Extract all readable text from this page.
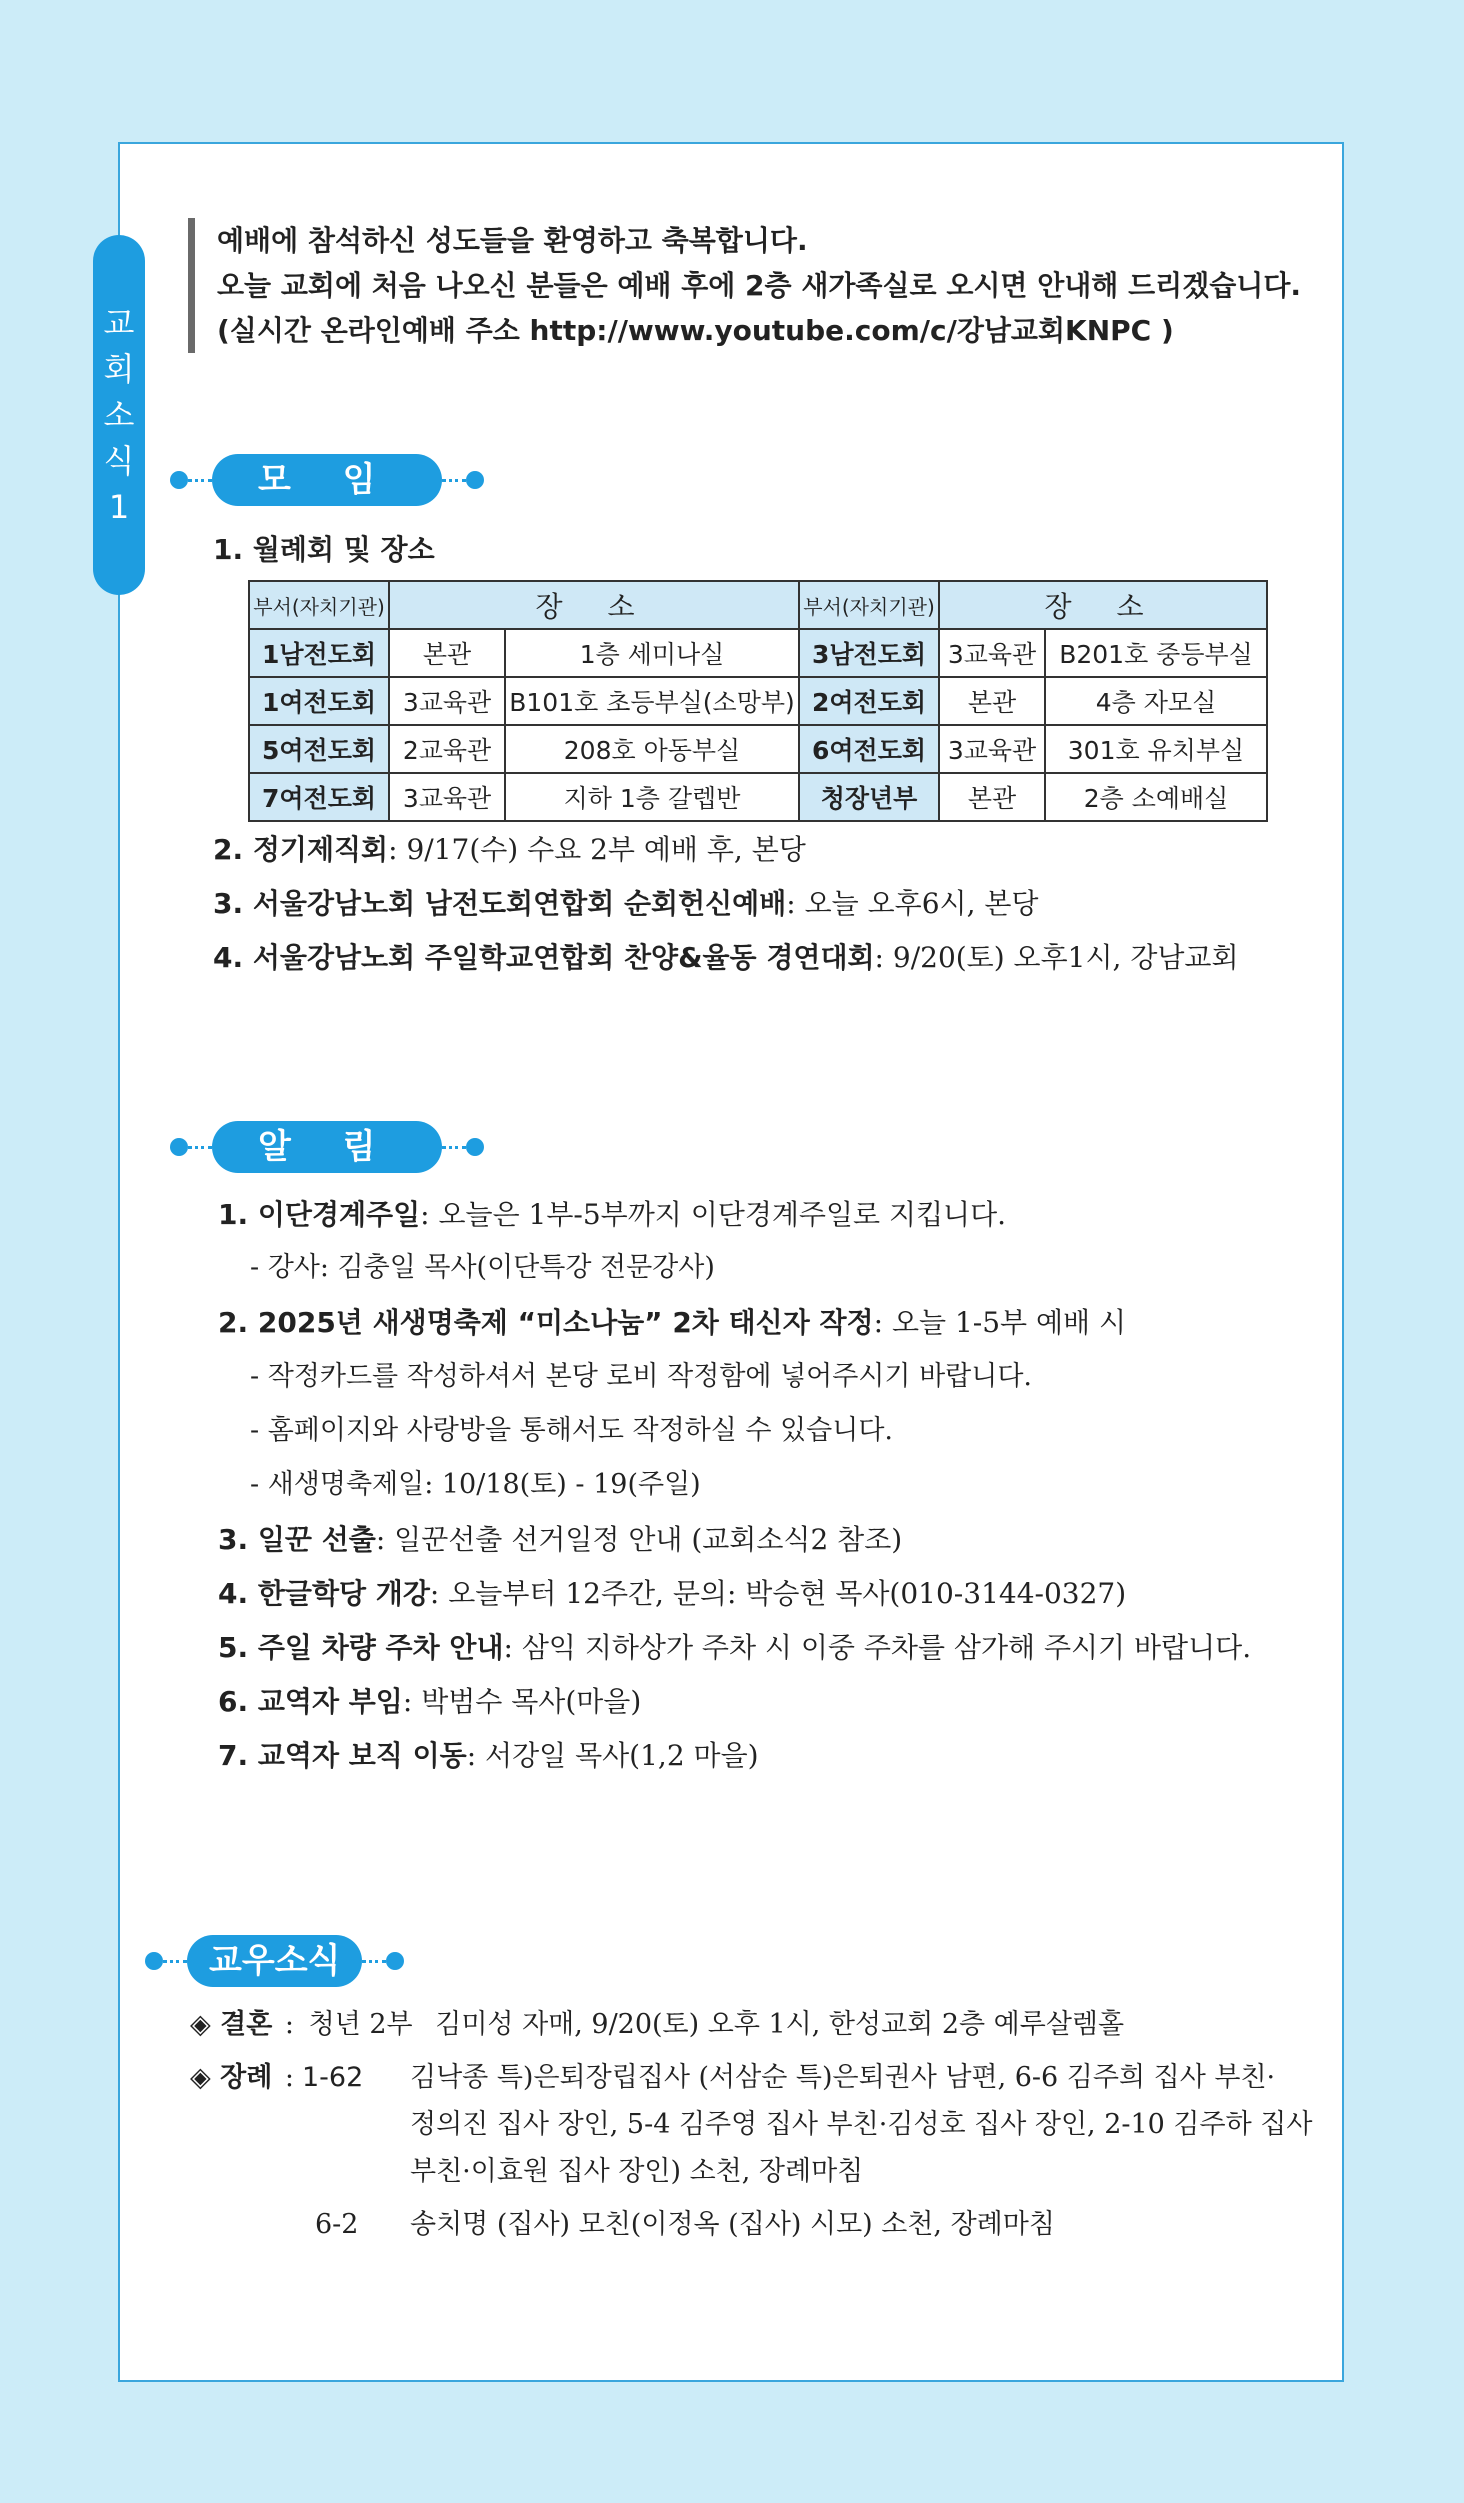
교
회
소
식
1
예배에 참석하신 성도들을 환영하고 축복합니다.
오늘 교회에 처음 나오신 분들은 예배 후에 2층 새가족실로 오시면 안내해 드리겠습니다.
(실시간 온라인예배 주소 http://www.youtube.com/c/강남교회KNPC )
모 임
1. 월례회 및 장소
부서(자치기관)	장 소		부서(자치기관)	장 소	
1남전도회	본관	1층 세미나실	3남전도회	3교육관	B201호 중등부실
1여전도회	3교육관	B101호 초등부실(소망부)	2여전도회	본관	4층 자모실
5여전도회	2교육관	208호 아동부실	6여전도회	3교육관	301호 유치부실
7여전도회	3교육관	지하 1층 갈렙반	청장년부	본관	2층 소예배실
2. 정기제직회: 9/17(수) 수요 2부 예배 후, 본당
3. 서울강남노회 남전도회연합회 순회헌신예배: 오늘 오후6시, 본당
4. 서울강남노회 주일학교연합회 찬양&율동 경연대회: 9/20(토) 오후1시, 강남교회
알 림
1. 이단경계주일: 오늘은 1부-5부까지 이단경계주일로 지킵니다.
- 강사: 김충일 목사(이단특강 전문강사)
2. 2025년 새생명축제 “미소나눔” 2차 태신자 작정: 오늘 1-5부 예배 시
- 작정카드를 작성하셔서 본당 로비 작정함에 넣어주시기 바랍니다.
- 홈페이지와 사랑방을 통해서도 작정하실 수 있습니다.
- 새생명축제일: 10/18(토) - 19(주일)
3. 일꾼 선출: 일꾼선출 선거일정 안내 (교회소식2 참조)
4. 한글학당 개강: 오늘부터 12주간, 문의: 박승현 목사(010-3144-0327)
5. 주일 차량 주차 안내: 삼익 지하상가 주차 시 이중 주차를 삼가해 주시기 바랍니다.
6. 교역자 부임: 박범수 목사(마을)
7. 교역자 보직 이동: 서강일 목사(1,2 마을)
교우소식
◈ 결혼 : 청년 2부 김미성 자매, 9/20(토) 오후 1시, 한성교회 2층 예루살렘홀
◈ 장례 : 1-62 김낙종 특)은퇴장립집사 (서삼순 특)은퇴권사 남편, 6-6 김주희 집사 부친·
정의진 집사 장인, 5-4 김주영 집사 부친·김성호 집사 장인, 2-10 김주하 집사
부친·이효원 집사 장인) 소천, 장례마침
6-2 송치명 (집사) 모친(이정옥 (집사) 시모) 소천, 장례마침
